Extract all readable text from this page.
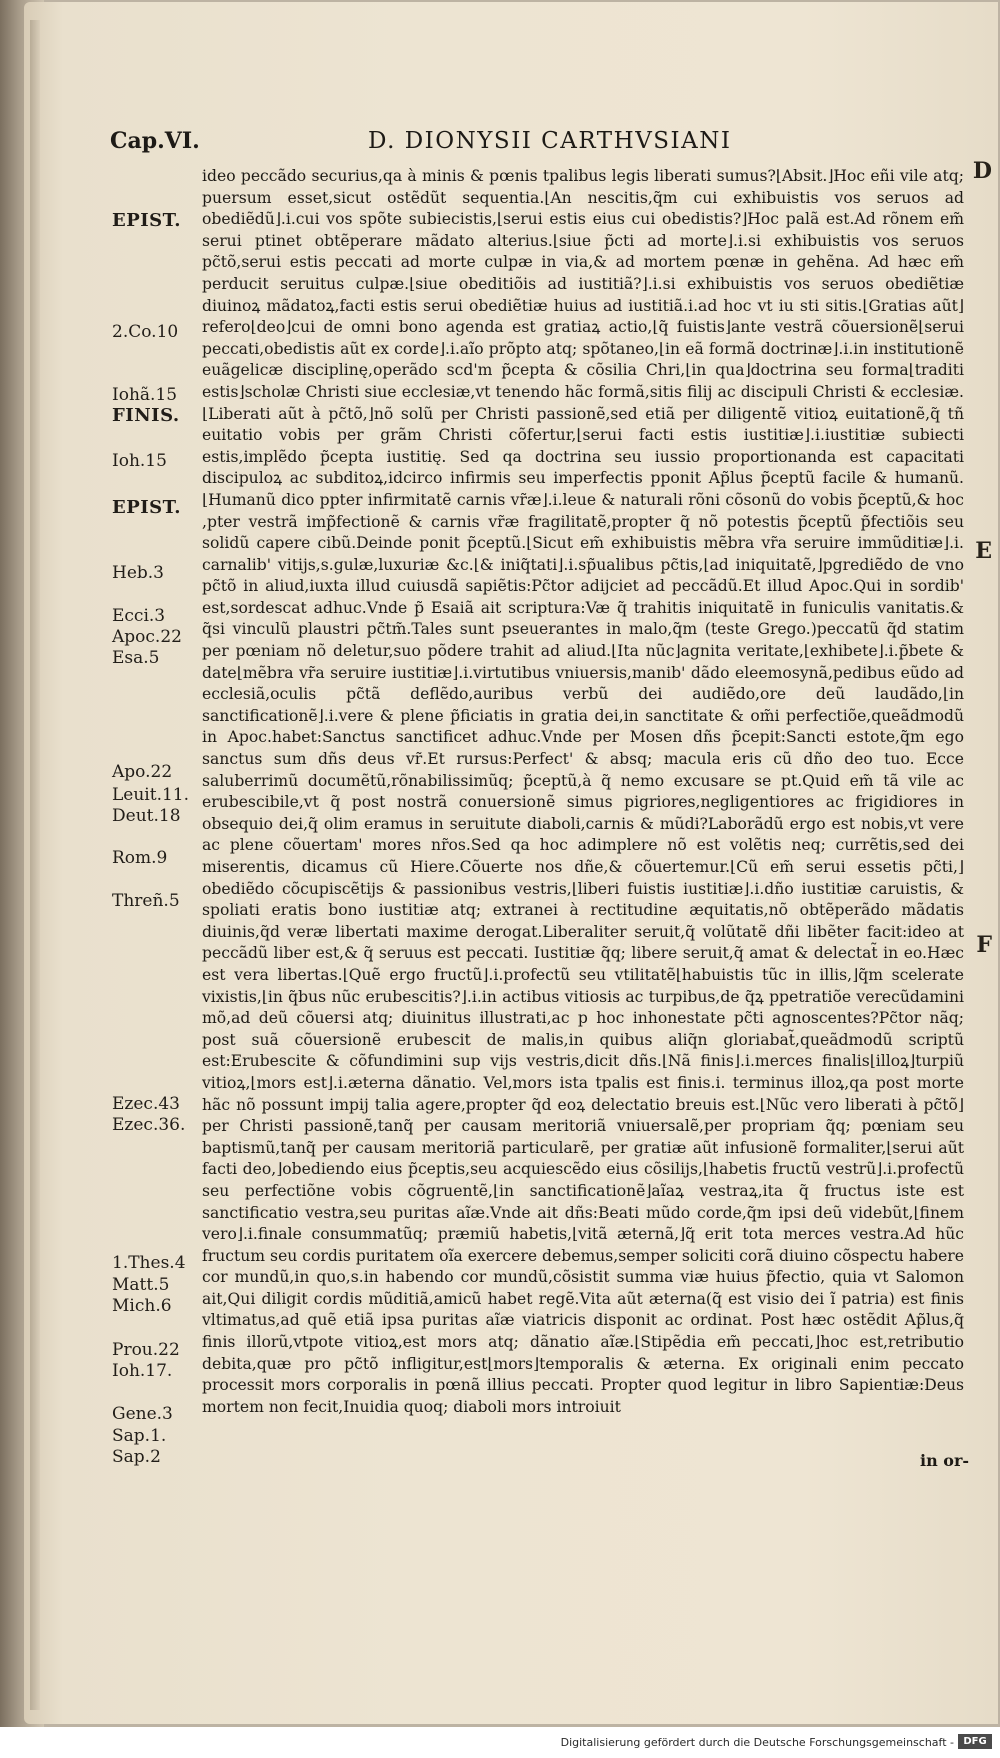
Cap.VI.	D. DIONYSII CARTHVSIANI
D
E
F
EPIST.
2.Co.10
Iohã.15
FINIS.
Ioh.15
EPIST.
Heb.3
Ecci.3
Apoc.22
Esa.5
Apo.22
Leuit.11.
Deut.18
Rom.9
Threñ.5
Ezec.43
Ezec.36.
1.Thes.4
Matt.5
Mich.6
Prou.22
Ioh.17.
Gene.3
Sap.1.
Sap.2

ideo peccãdo securius,qa à minis & pœnis tpalibus legis liberati sumus?⌊Absit.⌋Hoc eñi vile atq; puersum esset,sicut ostẽdũt sequentia.⌊An nescitis,q̃m cui exhibuistis vos seruos ad obediẽdũ⌋.i.cui vos spõte subiecistis,⌊serui estis eius cui obedistis?⌋Hoc palã est.Ad rõnem em̃ serui ptinet obtẽperare mãdato alterius.⌊siue p̃cti ad morte⌋.i.si exhibuistis vos seruos pc̃tõ,serui estis peccati ad morte culpæ in via,& ad mortem pœnæ in gehẽna. Ad hæc em̃ perducit seruitus culpæ.⌊siue obeditiõis ad iustitiã?⌋.i.si exhibuistis vos seruos obediẽtiæ diuinoꝝ mãdatoꝝ,facti estis serui obediẽtiæ huius ad iustitiã.i.ad hoc vt iu sti sitis.⌊Gratias aũt⌋refero⌊deo⌋cui de omni bono agenda est gratiaꝝ actio,⌊q̃ fuistis⌋ante vestrã cõuersionẽ⌊serui peccati,obedistis aũt ex corde⌋.i.aĩo prõpto atq; spõtaneo,⌊in eã formã doctrinæ⌋.i.in institutionẽ euãgelicæ disciplinę,operãdo scd'm p̃cepta & cõsilia Chri,⌊in qua⌋doctrina seu forma⌊traditi estis⌋scholæ Christi siue ecclesiæ,vt tenendo hãc formã,sitis filij ac discipuli Christi & ecclesiæ.⌊Liberati aũt à pc̃tõ,⌋nõ solũ per Christi passionẽ,sed etiã per diligentẽ vitioꝝ euitationẽ,q̃ tñ euitatio vobis per grãm Christi cõfertur,⌊serui facti estis iustitiæ⌋.i.iustitiæ subiecti estis,implẽdo p̃cepta iustitię. Sed qa doctrina seu iussio proportionanda est capacitati discipuloꝝ ac subditoꝝ,idcirco infirmis seu imperfectis pponit Ap̃lus p̃ceptũ facile & humanũ.⌊Humanũ dico ppter infirmitatẽ carnis vr̃æ⌋.i.leue & naturali rõni cõsonũ do vobis p̃ceptũ,& hoc ,pter vestrã imp̃fectionẽ & carnis vr̃æ fragilitatẽ,propter q̃ nõ potestis p̃ceptũ p̃fectiõis seu solidũ capere cibũ.Deinde ponit p̃ceptũ.⌊Sicut em̃ exhibuistis mẽbra vr̃a seruire immũditiæ⌋.i. carnalib' vitijs,s.gulæ,luxuriæ &c.⌊& iniq̃tati⌋.i.sp̃ualibus pc̃tis,⌊ad iniquitatẽ,⌋pgrediẽdo de vno pc̃tõ in aliud,iuxta illud cuiusdã sapiẽtis:Pc̃tor adijciet ad peccãdũ.Et illud Apoc.Qui in sordib' est,sordescat adhuc.Vnde p̃ Esaiã ait scriptura:Væ q̃ trahitis iniquitatẽ in funiculis vanitatis.& q̃si vinculũ plaustri pc̃tm̃.Tales sunt pseuerantes in malo,q̃m (teste Grego.)peccatũ q̃d statim per pœniam nõ deletur,suo põdere trahit ad aliud.⌊Ita nũc⌋agnita veritate,⌊exhibete⌋.i.p̃bete & date⌊mẽbra vr̃a seruire iustitiæ⌋.i.virtutibus vniuersis,manib' dãdo eleemosynã,pedibus eũdo ad ecclesiã,oculis pc̃tã deflẽdo,auribus verbũ dei audiẽdo,ore deũ laudãdo,⌊in sanctificationẽ⌋.i.vere & plene p̃ficiatis in gratia dei,in sanctitate & om̃i perfectiõe,queãdmodũ in Apoc.habet:Sanctus sanctificet adhuc.Vnde per Mosen dñs p̃cepit:Sancti estote,q̃m ego sanctus sum dñs deus vr̃.Et rursus:Perfect' & absq; macula eris cũ dño deo tuo. Ecce saluberrimũ documẽtũ,rõnabilissimũq; p̃ceptũ,à q̃ nemo excusare se pt.Quid em̃ tã vile ac erubescibile,vt q̃ post nostrã conuersionẽ simus pigriores,negligentiores ac frigidiores in obsequio dei,q̃ olim eramus in seruitute diaboli,carnis & mũdi?Laborãdũ ergo est nobis,vt vere ac plene cõuertam' mores nr̃os.Sed qa hoc adimplere nõ est volẽtis neq; currẽtis,sed dei miserentis, dicamus cũ Hiere.Cõuerte nos dñe,& cõuertemur.⌊Cũ em̃ serui essetis pc̃ti,⌋obediẽdo cõcupiscẽtijs & passionibus vestris,⌊liberi fuistis iustitiæ⌋.i.dño iustitiæ caruistis, & spoliati eratis bono iustitiæ atq; extranei à rectitudine æquitatis,nõ obtẽperãdo mãdatis diuinis,q̃d veræ libertati maxime derogat.Liberaliter seruit,q̃ volũtatẽ dñi libẽter facit:ideo at peccãdũ liber est,& q̃ seruus est peccati. Iustitiæ q̃q; libere seruit,q̃ amat & delectat̃ in eo.Hæc est vera libertas.⌊Quẽ ergo fructũ⌋.i.profectũ seu vtilitatẽ⌊habuistis tũc in illis,⌋q̃m scelerate vixistis,⌊in q̃bus nũc erubescitis?⌋.i.in actibus vitiosis ac turpibus,de q̃ꝝ ppetratiõe verecũdamini mõ,ad deũ cõuersi atq; diuinitus illustrati,ac p hoc inhonestate pc̃ti agnoscentes?Pc̃tor nãq; post suã cõuersionẽ erubescit de malis,in quibus aliq̃n gloriabat̃,queãdmodũ scriptũ est:Erubescite & cõfundimini sup vijs vestris,dicit dñs.⌊Nã finis⌋.i.merces finalis⌊illoꝝ⌋turpiũ vitioꝝ,⌊mors est⌋.i.æterna dãnatio. Vel,mors ista tpalis est finis.i. terminus illoꝝ,qa post morte hãc nõ possunt impij talia agere,propter q̃d eoꝝ delectatio breuis est.⌊Nũc vero liberati à pc̃tõ⌋per Christi passionẽ,tanq̃ per causam meritoriã vniuersalẽ,per propriam q̃q; pœniam seu baptismũ,tanq̃ per causam meritoriã particularẽ, per gratiæ aũt infusionẽ formaliter,⌊serui aũt facti deo,⌋obediendo eius p̃ceptis,seu acquiescẽdo eius cõsilijs,⌊habetis fructũ vestrũ⌋.i.profectũ seu perfectiõne vobis cõgruentẽ,⌊in sanctificationẽ⌋aĩaꝝ vestraꝝ,ita q̃ fructus iste est sanctificatio vestra,seu puritas aĩæ.Vnde ait dñs:Beati mũdo corde,q̃m ipsi deũ videbũt,⌊finem vero⌋.i.finale consummatũq; præmiũ habetis,⌊vitã æternã,⌋q̃ erit tota merces vestra.Ad hũc fructum seu cordis puritatem oĩa exercere debemus,semper soliciti corã diuino cõspectu habere cor mundũ,in quo,s.in habendo cor mundũ,cõsistit summa viæ huius p̃fectio, quia vt Salomon ait,Qui diligit cordis mũditiã,amicũ habet regẽ.Vita aũt æterna(q̃ est visio dei ĩ patria) est finis vltimatus,ad quẽ etiã ipsa puritas aĩæ viatricis disponit ac ordinat. Post hæc ostẽdit Ap̃lus,q̃ finis illorũ,vtpote vitioꝝ,est mors atq; dãnatio aĩæ.⌊Stipẽdia em̃ peccati,⌋hoc est,retributio debita,quæ pro pc̃tõ infligitur,est⌊mors⌋temporalis & æterna. Ex originali enim peccato processit mors corporalis in pœnã illius peccati. Propter quod legitur in libro Sapientiæ:Deus mortem non fecit,Inuidia quoq; diaboli mors introiuit

in or-
Digitalisierung gefördert durch die Deutsche Forschungsgemeinschaft - DFG
